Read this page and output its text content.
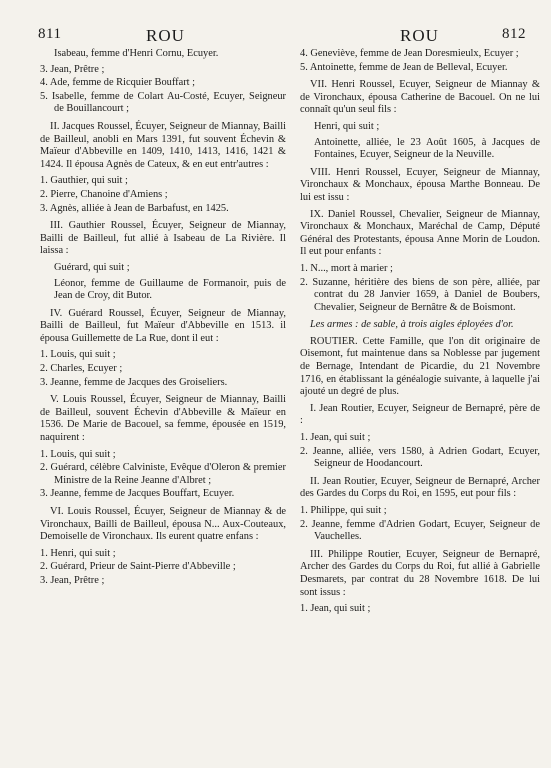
811	ROU	ROU	812

Isabeau, femme d'Henri Cornu, Ecuyer.

3. Jean, Prêtre ;
4. Ade, femme de Ricquier Bouffart ;
5. Isabelle, femme de Colart Au-Costé, Ecuyer, Seigneur de Bouillancourt ;

II. Jacques Roussel, Écuyer, Seigneur de Miannay, Bailli de Bailleul, anobli en Mars 1391, fut souvent Échevin & Maïeur d'Abbeville en 1409, 1410, 1413, 1416, 1421 & 1424. Il épousa Agnès de Cateux, & en eut entr'autres :

1. Gauthier, qui suit ;
2. Pierre, Chanoine d'Amiens ;
3. Agnès, alliée à Jean de Barbafust, en 1425.

III. Gauthier Roussel, Écuyer, Seigneur de Miannay, Bailli de Bailleul, fut allié à Isabeau de La Rivière. Il laissa :

Guérard, qui suit ;
Léonor, femme de Guillaume de Formanoir, puis de Jean de Croy, dit Butor.

IV. Guérard Roussel, Écuyer, Seigneur de Miannay, Bailli de Bailleul, fut Maïeur d'Abbeville en 1513. il épousa Guillemette de La Rue, dont il eut :

1. Louis, qui suit ;
2. Charles, Ecuyer ;
3. Jeanne, femme de Jacques des Groiseliers.

V. Louis Roussel, Écuyer, Seigneur de Miannay, Bailli de Bailleul, souvent Échevin d'Abbeville & Maïeur en 1536. De Marie de Bacouel, sa femme, épousée en 1519, naquirent :

1. Louis, qui suit ;
2. Guérard, célèbre Calviniste, Evêque d'Oleron & premier Ministre de la Reine Jeanne d'Albret ;
3. Jeanne, femme de Jacques Bouffart, Ecuyer.

VI. Louis Roussel, Écuyer, Seigneur de Miannay & de Vironchaux, Bailli de Bailleul, épousa N... Aux-Couteaux, Demoiselle de Vironchaux. Ils eurent quatre enfans :

1. Henri, qui suit ;
2. Guérard, Prieur de Saint-Pierre d'Abbeville ;
3. Jean, Prêtre ;
4. Geneviève, femme de Jean Doresmieulx, Ecuyer ;
5. Antoinette, femme de Jean de Belleval, Ecuyer.

VII. Henri Roussel, Ecuyer, Seigneur de Miannay & de Vironchaux, épousa Catherine de Bacouel. On ne lui connaît qu'un seul fils :

Henri, qui suit ;
Antoinette, alliée, le 23 Août 1605, à Jacques de Fontaines, Ecuyer, Seigneur de la Neuville.

VIII. Henri Roussel, Ecuyer, Seigneur de Miannay, Vironchaux & Monchaux, épousa Marthe Bonneau. De lui est issu :

IX. Daniel Roussel, Chevalier, Seigneur de Miannay, Vironchaux & Monchaux, Maréchal de Camp, Député Général des Protestants, épousa Anne Morin de Loudon. Il eut pour enfants :

1. N..., mort à marier ;
2. Suzanne, héritière des biens de son père, alliée, par contrat du 28 Janvier 1659, à Daniel de Boubers, Chevalier, Seigneur de Bernâtre & de Boismont.

Les armes : de sable, à trois aigles éployées d'or.

ROUTIER. Cette Famille, que l'on dit originaire de Oisemont, fut maintenue dans sa Noblesse par jugement de Bernage, Intendant de Picardie, du 21 Novembre 1716, en établissant la généalogie suivante, à laquelle j'ai ajouté un degré de plus.

I. Jean Routier, Ecuyer, Seigneur de Bernapré, père de :

1. Jean, qui suit ;
2. Jeanne, alliée, vers 1580, à Adrien Godart, Ecuyer, Seigneur de Hoodancourt.

II. Jean Routier, Ecuyer, Seigneur de Bernapré, Archer des Gardes du Corps du Roi, en 1595, eut pour fils :

1. Philippe, qui suit ;
2. Jeanne, femme d'Adrien Godart, Ecuyer, Seigneur de Vauchelles.

III. Philippe Routier, Ecuyer, Seigneur de Bernapré, Archer des Gardes du Corps du Roi, fut allié à Gabrielle Desmarets, par contrat du 28 Novembre 1618. De lui sont issus :

1. Jean, qui suit ;
